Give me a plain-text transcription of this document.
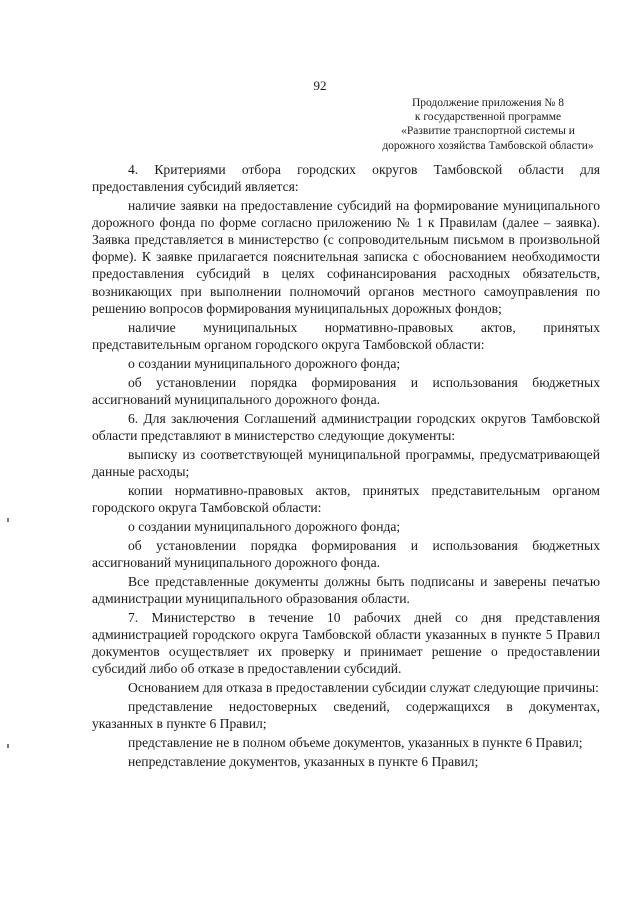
92
Продолжение приложения № 8
к государственной программе
«Развитие транспортной системы и
дорожного хозяйства Тамбовской области»

4. Критериями отбора городских округов Тамбовской области для предоставления субсидий является:

наличие заявки на предоставление субсидий на формирование муниципального дорожного фонда по форме согласно приложению № 1 к Правилам (далее – заявка). Заявка представляется в министерство (с сопроводительным письмом в произвольной форме). К заявке прилагается пояснительная записка с обоснованием необходимости предоставления субсидий в целях софинансирования расходных обязательств, возникающих при выполнении полномочий органов местного самоуправления по решению вопросов формирования муниципальных дорожных фондов;

наличие муниципальных нормативно-правовых актов, принятых представительным органом городского округа Тамбовской области:

о создании муниципального дорожного фонда;

об установлении порядка формирования и использования бюджетных ассигнований муниципального дорожного фонда.

6. Для заключения Соглашений администрации городских округов Тамбовской области представляют в министерство следующие документы:

выписку из соответствующей муниципальной программы, предусматривающей данные расходы;

копии нормативно-правовых актов, принятых представительным органом городского округа Тамбовской области:

о создании муниципального дорожного фонда;

об установлении порядка формирования и использования бюджетных ассигнований муниципального дорожного фонда.

Все представленные документы должны быть подписаны и заверены печатью администрации муниципального образования области.

7. Министерство в течение 10 рабочих дней со дня представления администрацией городского округа Тамбовской области указанных в пункте 5 Правил документов осуществляет их проверку и принимает решение о предоставлении субсидий либо об отказе в предоставлении субсидий.

Основанием для отказа в предоставлении субсидии служат следующие причины:

представление недостоверных сведений, содержащихся в документах, указанных в пункте 6 Правил;

представление не в полном объеме документов, указанных в пункте 6 Правил;

непредставление документов, указанных в пункте 6 Правил;
